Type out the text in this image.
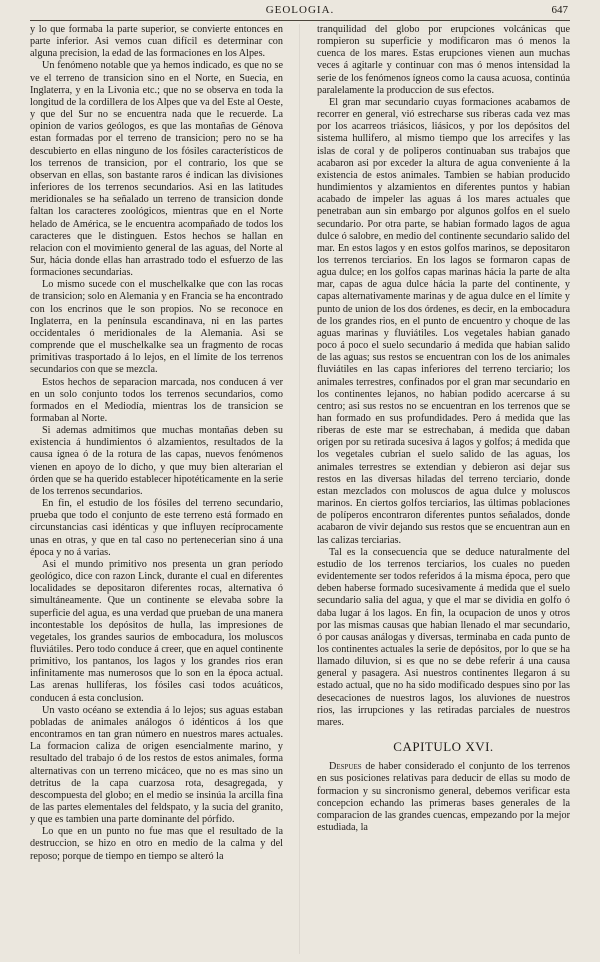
GEOLOGIA.	647

y lo que formaba la parte superior, se convierte entonces en parte inferior. Asi vemos cuan difícil es determinar con alguna precision, la edad de las formaciones en los Alpes.

Un fenómeno notable que ya hemos indicado, es que no se ve el terreno de transicion sino en el Norte, en Suecia, en Inglaterra, y en la Livonia etc.; que no se observa en toda la longitud de la cordillera de los Alpes que va del Este al Oeste, y que del Sur no se encuentra nada que le recuerde. La opinion de varios geólogos, es que las montañas de Génova estan formadas por el terreno de transicion; pero no se ha descubierto en ellas ninguno de los fósiles característicos de los terrenos de transicion, por el contrario, los que se observan en ellas, son bastante raros é indican las divisiones inferiores de los terrenos secundarios. Asi en las latitudes meridionales se ha señalado un terreno de transicion donde faltan los caracteres zoológicos, mientras que en el Norte helado de América, se le encuentra acompañado de todos los caracteres que le distinguen. Estos hechos se hallan en relacion con el movimiento general de las aguas, del Norte al Sur, hácia donde ellas han arrastrado todo el esfuerzo de las formaciones secundarias.

Lo mismo sucede con el muschelkalke que con las rocas de transicion; solo en Alemania y en Francia se ha encontrado con los encrinos que le son propios. No se reconoce en Inglaterra, en la península escandinava, ni en las partes occidentales ó meridionales de la Alemania. Asi se comprende que el muschelkalke sea un fragmento de rocas primitivas trasportado á lo lejos, en el límite de los terrenos secundarios con que se mezcla.

Estos hechos de separacion marcada, nos conducen á ver en un solo conjunto todos los terrenos secundarios, como formados en el Mediodía, mientras los de transicion se formaban al Norte.

Si ademas admitimos que muchas montañas deben su existencia á hundimientos ó alzamientos, resultados de la causa ígnea ó de la rotura de las capas, nuevos fenómenos vienen en apoyo de lo dicho, y que muy bien alterarian el órden que se ha querido establecer hipotéticamente en la serie de los terrenos secundarios.

En fin, el estudio de los fósiles del terreno secundario, prueba que todo el conjunto de este terreno está formado en circunstancias casi idénticas y que influyen recíprocamente unas en otras, y que en tal caso no pertenecerian sino á una época y no á varias.

Asi el mundo primitivo nos presenta un gran período geológico, dice con razon Linck, durante el cual en diferentes localidades se depositaron diferentes rocas, alternativa ó simultáneamente. Que un continente se elevaba sobre la superficie del agua, es una verdad que prueban de una manera incontestable los depósitos de hulla, las impresiones de vegetales, los grandes saurios de embocadura, los moluscos fluviátiles. Pero todo conduce á creer, que en aquel continente primitivo, los pantanos, los lagos y los grandes rios eran infinitamente mas numerosos que lo son en la época actual. Las arenas hulliferas, los fósiles casi todos acuáticos, conducen á esta conclusion.

Un vasto océano se extendia á lo lejos; sus aguas estaban pobladas de animales análogos ó idénticos á los que encontramos en tan gran número en nuestros mares actuales. La formacion caliza de origen esencialmente marino, y resultado del trabajo ó de los restos de estos animales, forma alternativas con un terreno micáceo, que no es mas sino un detritus de la capa cuarzosa rota, desagregada, y descompuesta del globo; en el medio se insinúa la arcilla fina de las partes elementales del feldspato, y la sucia del granito, y que es tambien una parte dominante del pórfido.

Lo que en un punto no fue mas que el resultado de la destruccion, se hizo en otro en medio de la calma y del reposo; porque de tiempo en tiempo se alteró la

tranquilidad del globo por erupciones volcánicas que rompieron su superficie y modificaron mas ó menos la cuenca de los mares. Estas erupciones vienen aun muchas veces á agitarle y continuar con mas ó menos intensidad la serie de los fenómenos ígneos como la causa acuosa, continúa paralelamente la produccion de sus efectos.

El gran mar secundario cuyas formaciones acabamos de recorrer en general, vió estrecharse sus riberas cada vez mas por los acarreos triásicos, liásicos, y por los depósitos del sistema hullifero, al mismo tiempo que los arrecifes y las islas de coral y de poliperos continuaban sus trabajos que acabaron asi por exceder la altura de agua conveniente á la existencia de estos animales. Tambien se habian producido hundimientos y alzamientos en diferentes puntos y habian acabado de impeler las aguas á los mares actuales que penetraban aun sin embargo por algunos golfos en el suelo secundario. Por otra parte, se habian formado lagos de agua dulce ó salobre, en medio del continente secundario salido del mar. En estos lagos y en estos golfos marinos, se depositaron los terrenos terciarios. En los lagos se formaron capas de agua dulce; en los golfos capas marinas hácia la parte de alta mar, capas de agua dulce hácia la parte del continente, y capas alternativamente marinas y de agua dulce en el límite y punto de union de los dos órdenes, es decir, en la embocadura de los grandes rios, en el punto de encuentro y choque de las aguas marinas y fluviátiles. Los vegetales habian ganado poco á poco el suelo secundario á medida que habian salido de las aguas; sus restos se encuentran con los de los animales fluviátiles en las capas inferiores del terreno terciario; los animales terrestres, confinados por el gran mar secundario en los continentes lejanos, no habian podido acercarse á su centro; asi sus restos no se encuentran en los terrenos que se han formado en sus profundidades. Pero á medida que las riberas de este mar se estrechaban, á medida que daban origen por su retirada sucesiva á lagos y golfos; á medida que los vegetales cubrian el suelo salido de las aguas, los animales terrestres se extendian y debieron asi dejar sus restos en las diversas hiladas del terreno terciario, donde estan mezclados con moluscos de agua dulce y moluscos marinos. En ciertos golfos terciarios, las últimas poblaciones de políperos encontraron diferentes puntos señalados, donde acabaron de vivir dejando sus restos que se encuentran aun en las calizas terciarias.

Tal es la consecuencia que se deduce naturalmente del estudio de los terrenos terciarios, los cuales no pueden evidentemente ser todos referidos á la misma época, pero que deben haberse formado sucesivamente á medida que el suelo secundario salia del agua, y que el mar se dividia en golfo ó daba lugar á los lagos. En fin, la ocupacion de unos y otros por las mismas causas que habian llenado el mar secundario, ó por causas análogas y diversas, terminaba en cada punto de los continentes actuales la serie de depósitos, por lo que se ha llamado diluvion, si es que no se debe referir á una causa general y pasagera. Asi nuestros continentes llegaron á su estado actual, que no ha sido modificado despues sino por las desecaciones de nuestros lagos, los aluviones de nuestros rios, las irrupciones y las retiradas parciales de nuestros mares.

CAPITULO XVI.

Despues de haber considerado el conjunto de los terrenos en sus posiciones relativas para deducir de ellas su modo de formacion y su sincronismo general, debemos verificar esta concepcion echando las primeras bases generales de la comparacion de las grandes cuencas, empezando por la mejor estudiada, la
